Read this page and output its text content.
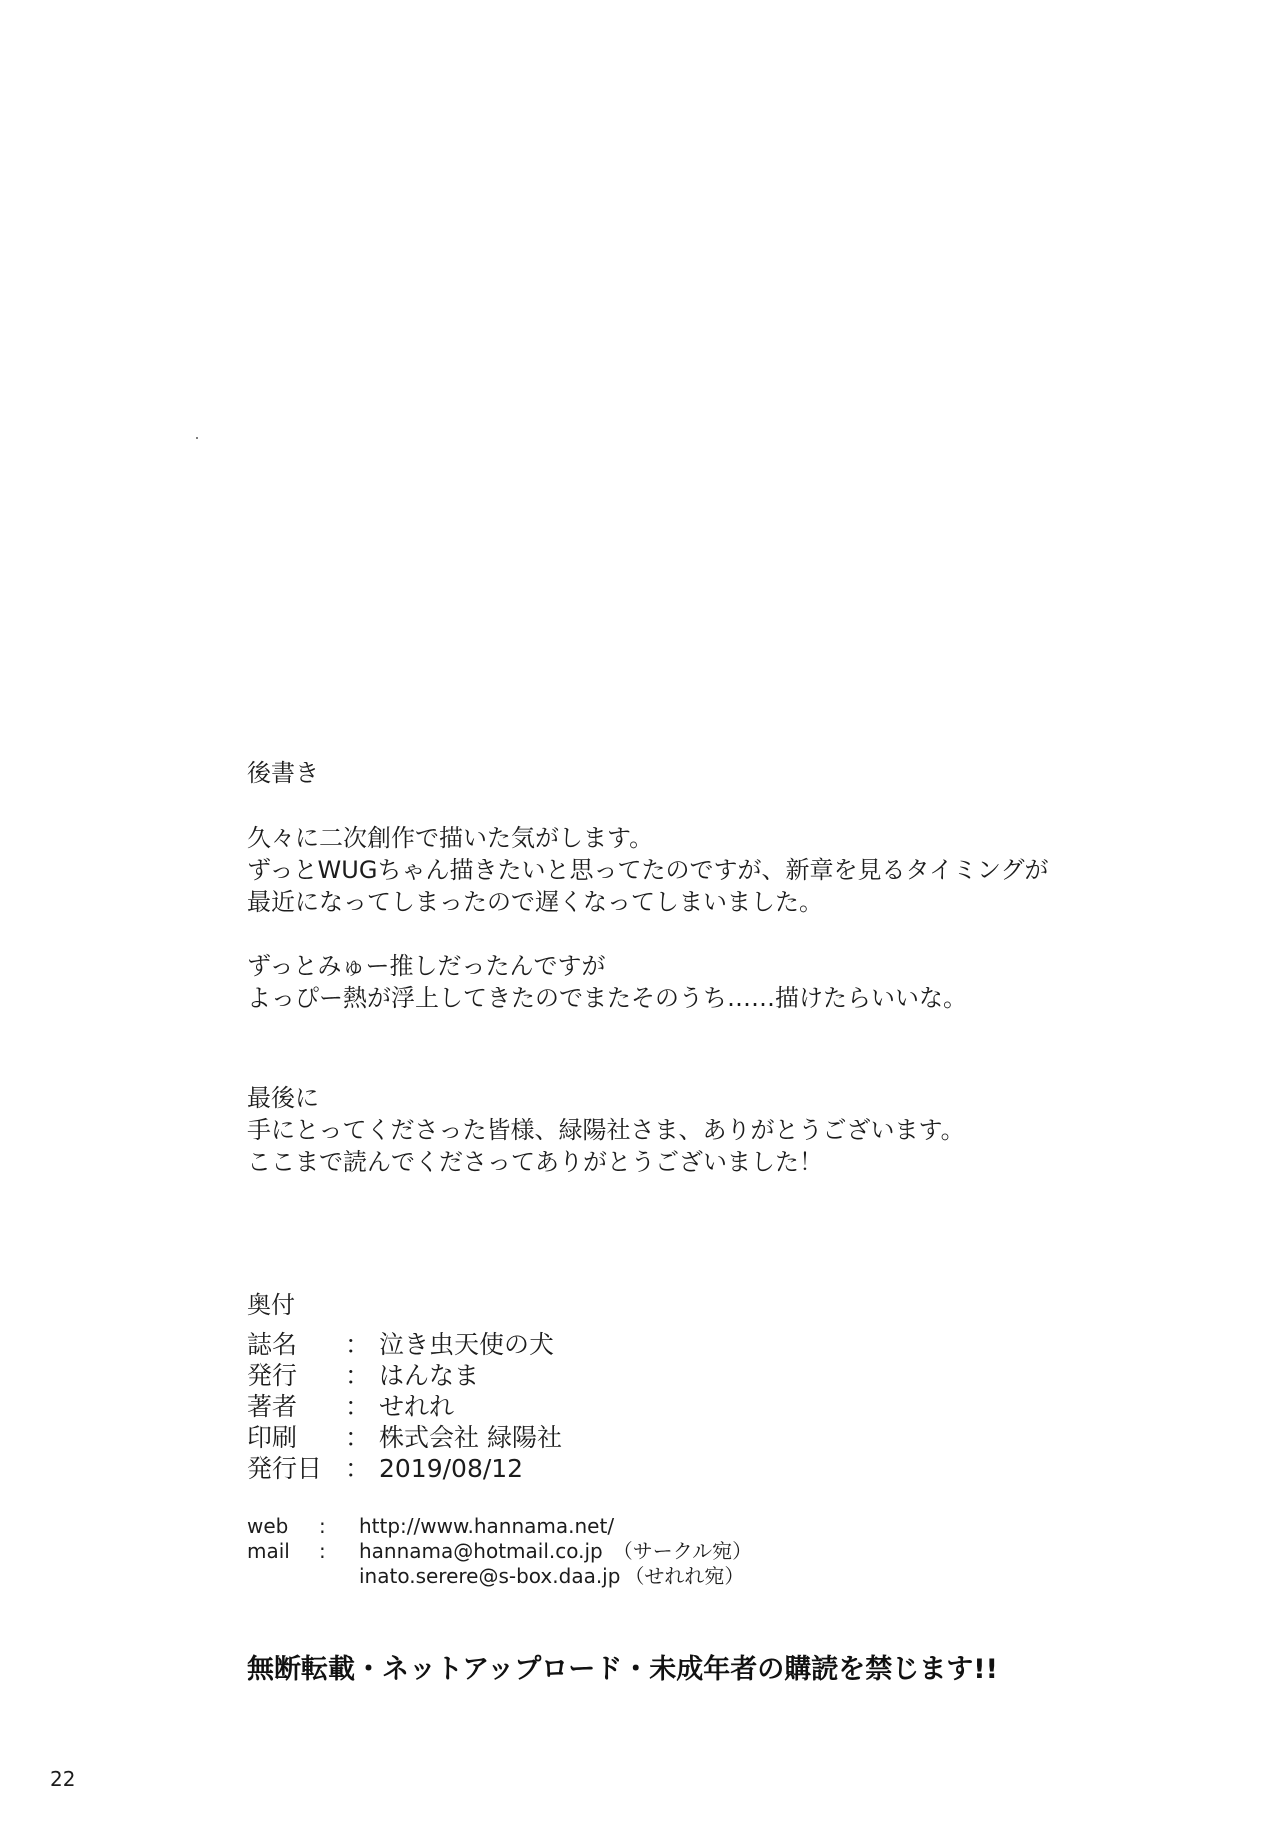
後書き
久々に二次創作で描いた気がします。
ずっとWUGちゃん描きたいと思ってたのですが、新章を見るタイミングが
最近になってしまったので遅くなってしまいました。
ずっとみゅー推しだったんですが
よっぴー熱が浮上してきたのでまたそのうち……描けたらいいな。
最後に
手にとってくださった皆様、緑陽社さま、ありがとうございます。
ここまで読んでくださってありがとうございました！
奥付
誌名	： 泣き虫天使の犬
発行	： はんなま
著者	： せれれ
印刷	： 株式会社 緑陽社
発行日 ： 2019/08/12
web	:	http://www.hannama.net/
mail	:	hannama@hotmail.co.jp （サークル宛）
inato.serere@s-box.daa.jp （せれれ宛）
無断転載・ネットアップロード・未成年者の購読を禁じます!!
22
